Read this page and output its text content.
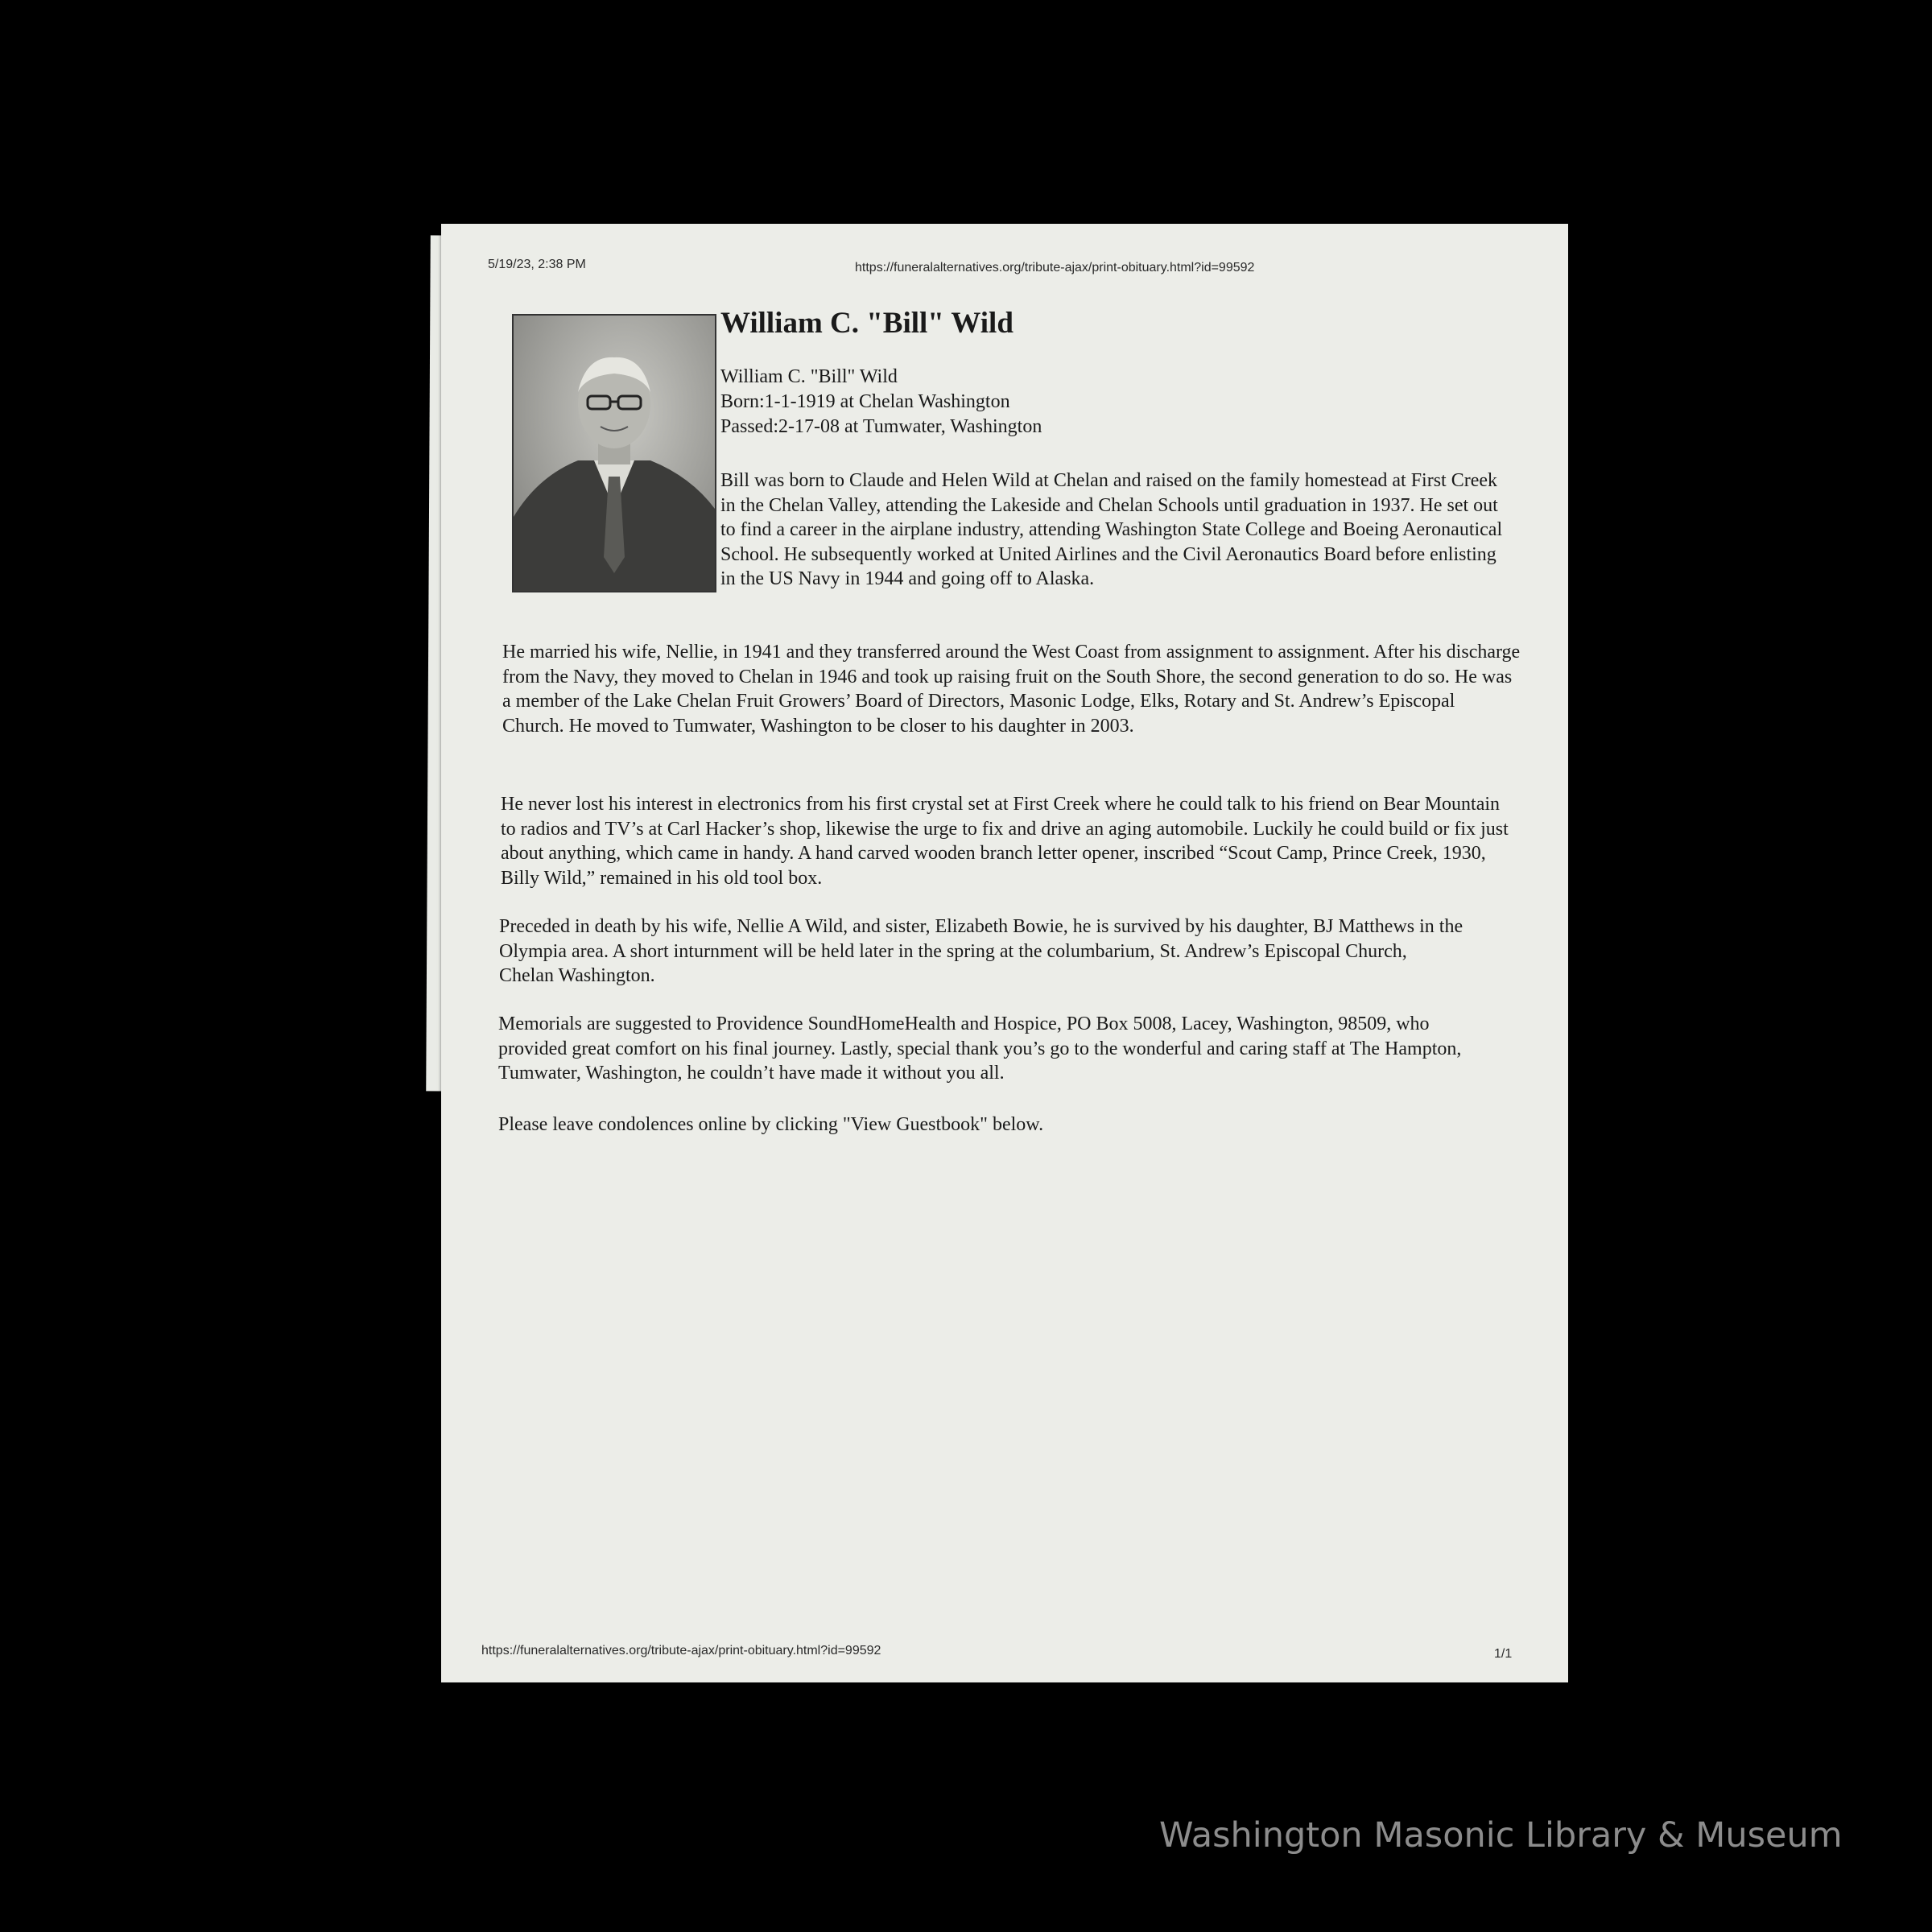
5/19/23, 2:38 PM	https://funeralalternatives.org/tribute-ajax/print-obituary.html?id=99592
William C. "Bill" Wild
William C. "Bill" Wild
Born:1-1-1919 at Chelan Washington
Passed:2-17-08 at Tumwater, Washington

Bill was born to Claude and Helen Wild at Chelan and raised on the family homestead at First Creek in the Chelan Valley, attending the Lakeside and Chelan Schools until graduation in 1937. He set out to find a career in the airplane industry, attending Washington State College and Boeing Aeronautical School. He subsequently worked at United Airlines and the Civil Aeronautics Board before enlisting in the US Navy in 1944 and going off to Alaska.

He married his wife, Nellie, in 1941 and they transferred around the West Coast from assignment to assignment. After his discharge from the Navy, they moved to Chelan in 1946 and took up raising fruit on the South Shore, the second generation to do so. He was a member of the Lake Chelan Fruit Growers’ Board of Directors, Masonic Lodge, Elks, Rotary and St. Andrew’s Episcopal Church. He moved to Tumwater, Washington to be closer to his daughter in 2003.

He never lost his interest in electronics from his first crystal set at First Creek where he could talk to his friend on Bear Mountain to radios and TV’s at Carl Hacker’s shop, likewise the urge to fix and drive an aging automobile. Luckily he could build or fix just about anything, which came in handy. A hand carved wooden branch letter opener, inscribed “Scout Camp, Prince Creek, 1930, Billy Wild,” remained in his old tool box.

Preceded in death by his wife, Nellie A Wild, and sister, Elizabeth Bowie, he is survived by his daughter, BJ Matthews in the Olympia area. A short inturnment will be held later in the spring at the columbarium, St. Andrew’s Episcopal Church, Chelan Washington.

Memorials are suggested to Providence SoundHomeHealth and Hospice, PO Box 5008, Lacey, Washington, 98509, who provided great comfort on his final journey. Lastly, special thank you’s go to the wonderful and caring staff at The Hampton, Tumwater, Washington, he couldn’t have made it without you all.

Please leave condolences online by clicking "View Guestbook" below.

https://funeralalternatives.org/tribute-ajax/print-obituary.html?id=99592	1/1
Washington Masonic Library & Museum
